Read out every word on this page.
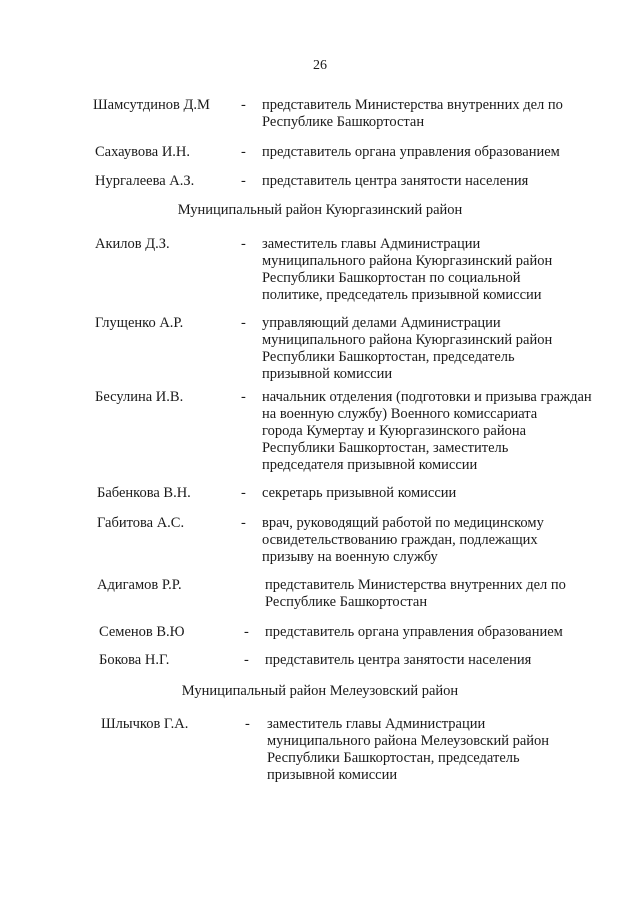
26
Шамсутдинов Д.М - представитель Министерства внутренних дел по
Республике Башкортостан
Сахаувова И.Н.	- представитель органа управления образованием
Нургалеева А.З.	- представитель центра занятости населения
Муниципальный район Куюргазинский район
Акилов Д.З.	- заместитель главы Администрации
муниципального района Куюргазинский район
Республики Башкортостан по социальной
политике, председатель призывной комиссии
Глущенко А.Р.	- управляющий делами Администрации
муниципального района Куюргазинский район
Республики Башкортостан, председатель
призывной комиссии
Бесулина И.В.	- начальник отделения (подготовки и призыва граждан
на военную службу) Военного комиссариата
города Кумертау и Куюргазинского района
Республики Башкортостан, заместитель
председателя призывной комиссии
Бабенкова В.Н.	- секретарь призывной комиссии
Габитова А.С.	- врач, руководящий работой по медицинскому
освидетельствованию граждан, подлежащих
призыву на военную службу
Адигамов Р.Р.	представитель Министерства внутренних дел по
Республике Башкортостан
Семенов В.Ю	- представитель органа управления образованием
Бокова Н.Г.	- представитель центра занятости населения
Муниципальный район Мелеузовский район
Шлычков Г.А.	- заместитель главы Администрации
муниципального района Мелеузовский район
Республики Башкортостан, председатель
призывной комиссии
